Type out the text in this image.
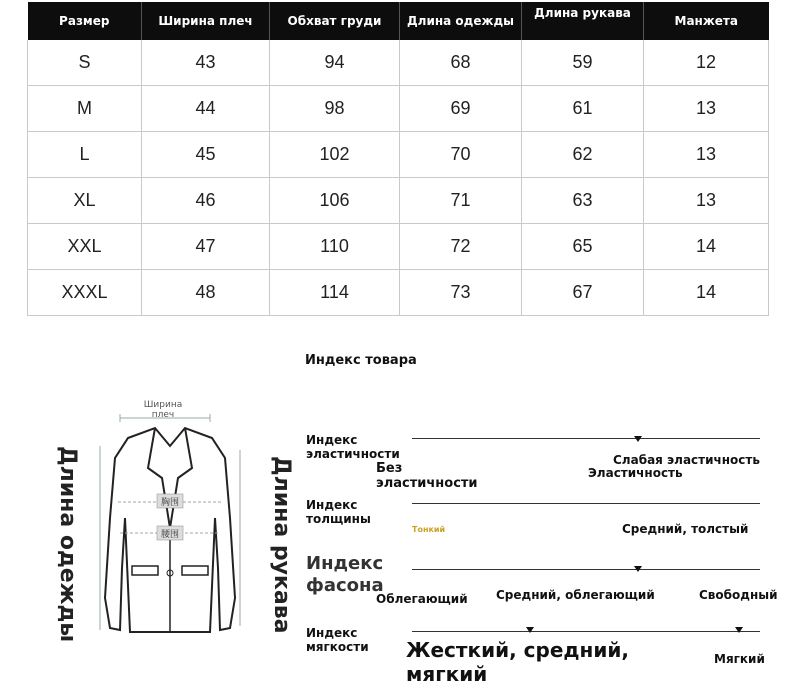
Размер	Ширина плеч	Обхват груди	Длина одежды	Длина рукава	Манжета
S	43	94	68	59	12
M	44	98	69	61	13
L	45	102	70	62	13
XL	46	106	71	63	13
XXL	47	110	72	65	14
XXXL	48	114	73	67	14
Индекс товара
Индекс эластичности
Без эластичности
Слабая эластичность
Эластичность
Индекс толщины
Тонкий	Средний, толстый
Индекс фасона
Облегающий Средний, облегающий	Свободный
Индекс мягкости	Жесткий, средний, мягкий
Мягкий
Ширина плеч
Длина одежды	Длина рукава
胸围
腰围
